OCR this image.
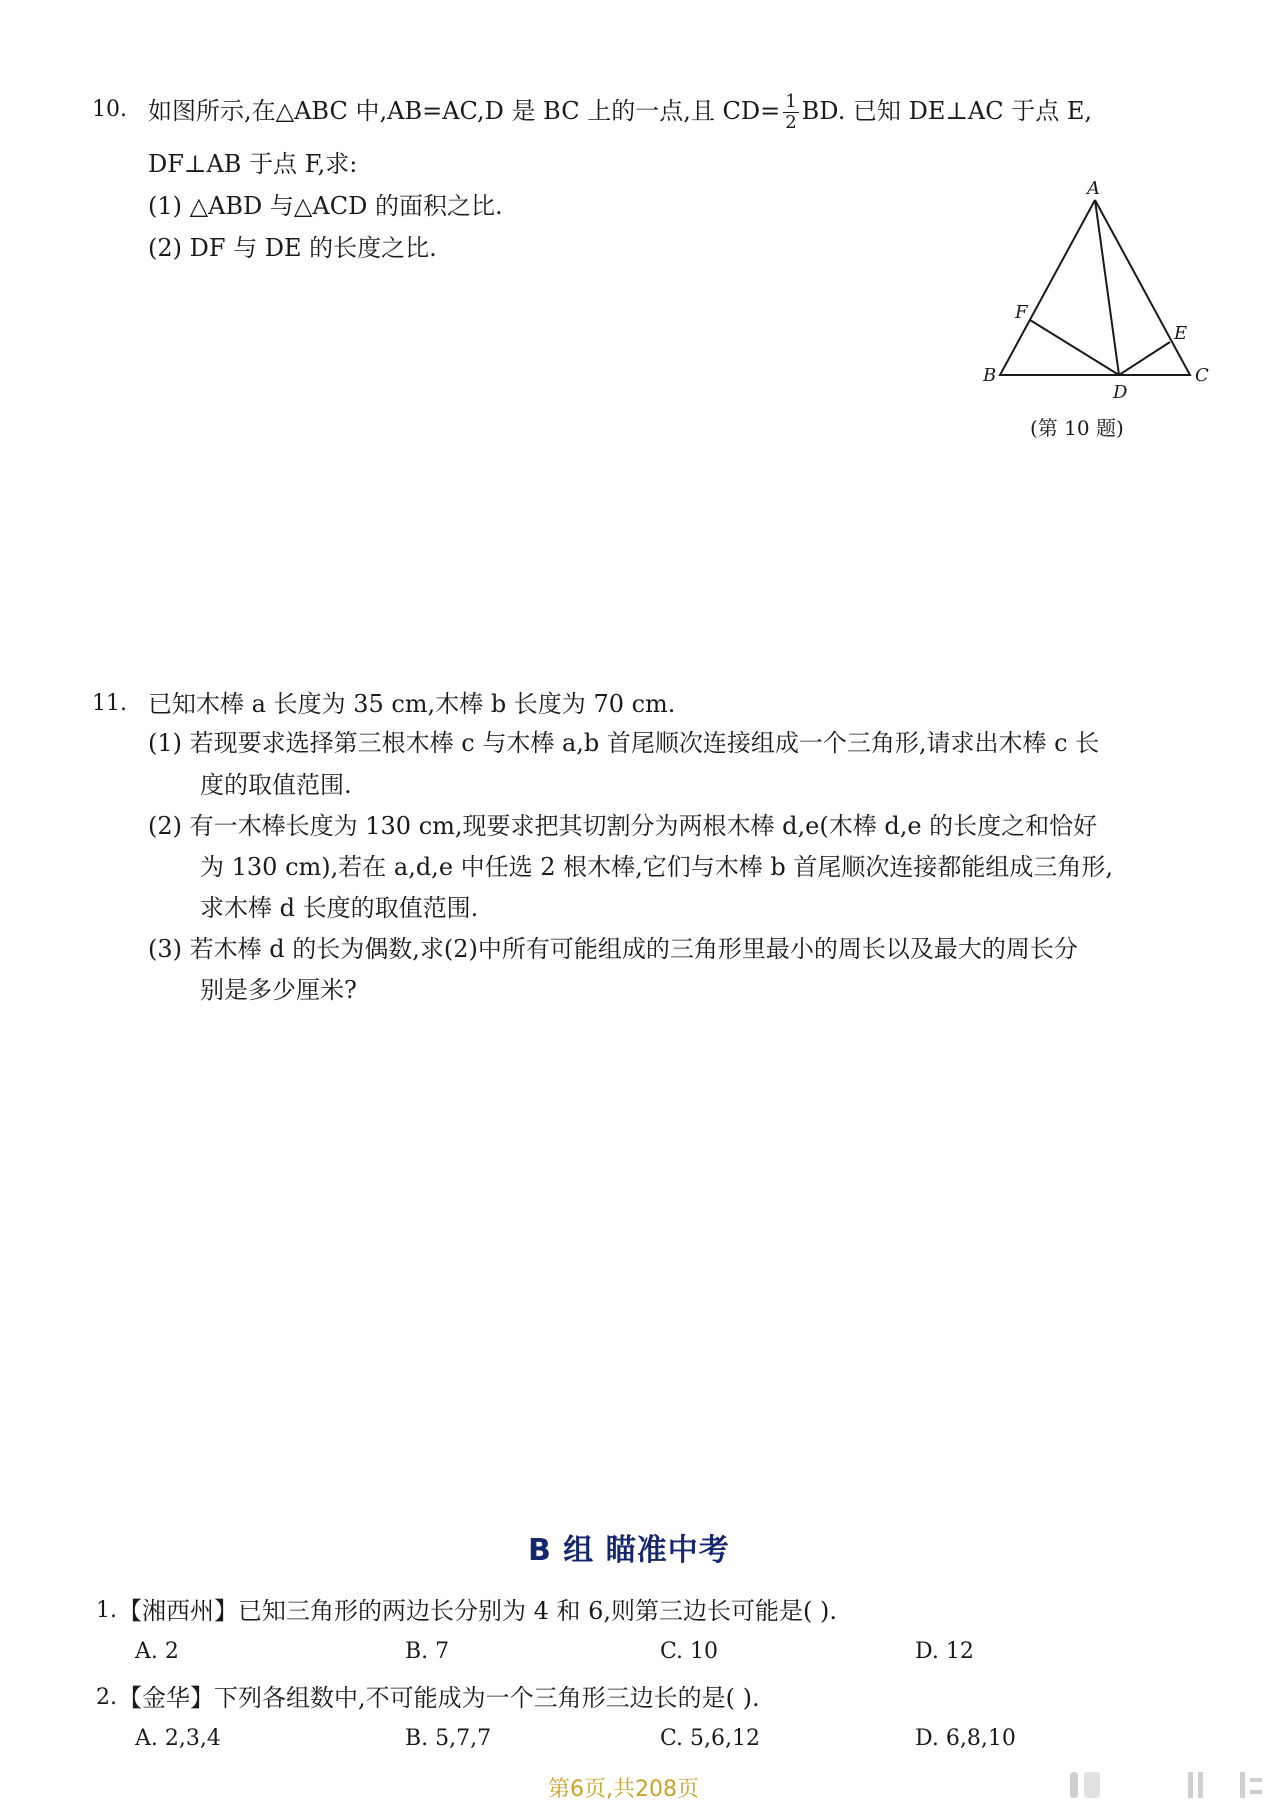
10. 如图所示,在△ABC 中,AB=AC,D 是 BC 上的一点,且 $CD= \frac{1}{2}$ BD. 已知 DE⊥AC 于点 E,
DF⊥AB 于点 F,求:
(1) △ABD 与△ACD 的面积之比.
(2) DF 与 DE 的长度之比.
A
B	C
D
E
F
(第 10 题)
11. 已知木棒 a 长度为 35 cm,木棒 b 长度为 70 cm.
(1) 若现要求选择第三根木棒 c 与木棒 a,b 首尾顺次连接组成一个三角形,请求出木棒 c 长
度的取值范围.
(2) 有一木棒长度为 130 cm,现要求把其切割分为两根木棒 d,e(木棒 d,e 的长度之和恰好
为 130 cm),若在 a,d,e 中任选 2 根木棒,它们与木棒 b 首尾顺次连接都能组成三角形,
求木棒 d 长度的取值范围.
(3) 若木棒 d 的长为偶数,求(2)中所有可能组成的三角形里最小的周长以及最大的周长分
别是多少厘米?
B 组 瞄准中考
1. 【湘西州】已知三角形的两边长分别为 4 和 6,则第三边长可能是( ).
A. 2	B. 7	C. 10	D. 12
2. 【金华】下列各组数中,不可能成为一个三角形三边长的是( ).
A. 2,3,4	B. 5,7,7	C. 5,6,12	D. 6,8,10
第6页,共208页
